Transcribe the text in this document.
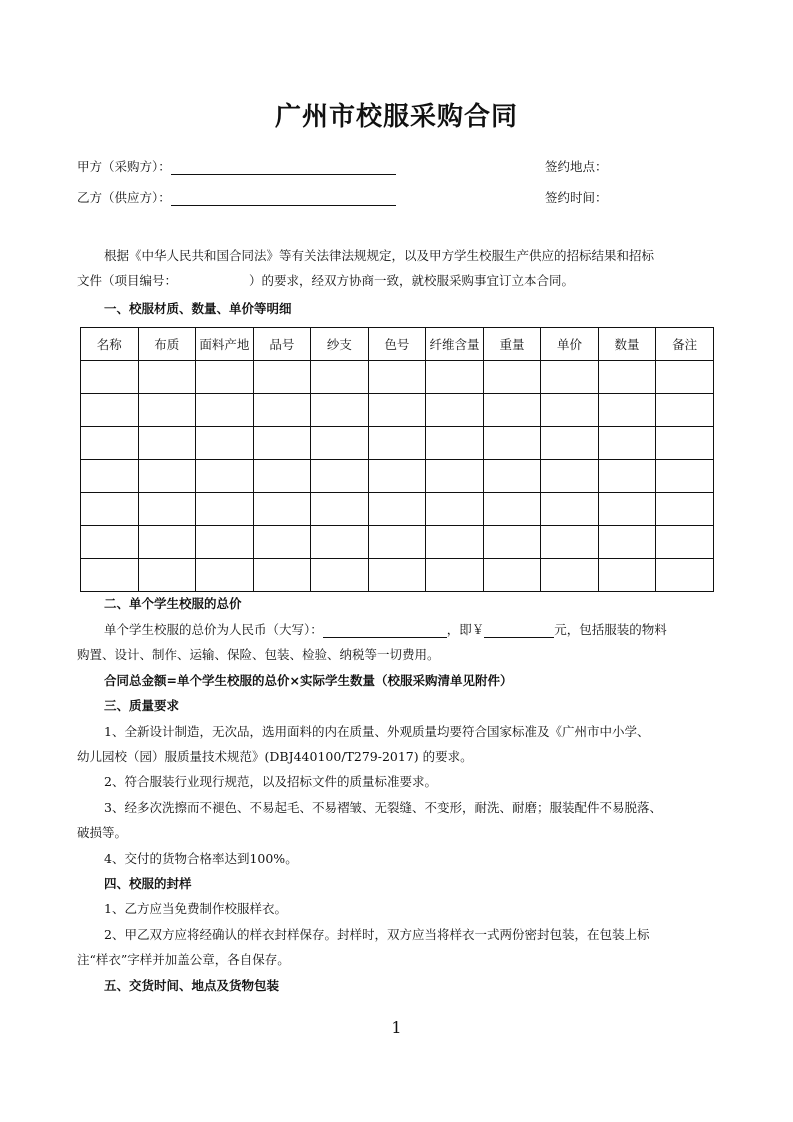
广州市校服采购合同
甲方（采购方）：	签约地点：
乙方（供应方）：	签约时间：
根据《中华人民共和国合同法》等有关法律法规规定，以及甲方学生校服生产供应的招标结果和招标
文件（项目编号：	）的要求，经双方协商一致，就校服采购事宜订立本合同。
一、校服材质、数量、单价等明细
名称	布质	面料产地	品号	纱支	色号	纤维含量	重量	单价	数量	备注

二、单个学生校服的总价
单个学生校服的总价为人民币（大写）：	，即￥	元，包括服装的物料
购置、设计、制作、运输、保险、包装、检验、纳税等一切费用。
合同总金额=单个学生校服的总价×实际学生数量（校服采购清单见附件）
三、质量要求
1、全新设计制造，无次品，选用面料的内在质量、外观质量均要符合国家标准及《广州市中小学、
幼儿园校（园）服质量技术规范》(DBJ440100/T279-2017) 的要求。
2、符合服装行业现行规范，以及招标文件的质量标准要求。
3、经多次洗擦而不褪色、不易起毛、不易褶皱、无裂缝、不变形，耐洗、耐磨；服装配件不易脱落、
破损等。
4、交付的货物合格率达到100%。
四、校服的封样
1、乙方应当免费制作校服样衣。
2、甲乙双方应将经确认的样衣封样保存。封样时，双方应当将样衣一式两份密封包装，在包装上标
注“样衣”字样并加盖公章，各自保存。
五、交货时间、地点及货物包装
1
